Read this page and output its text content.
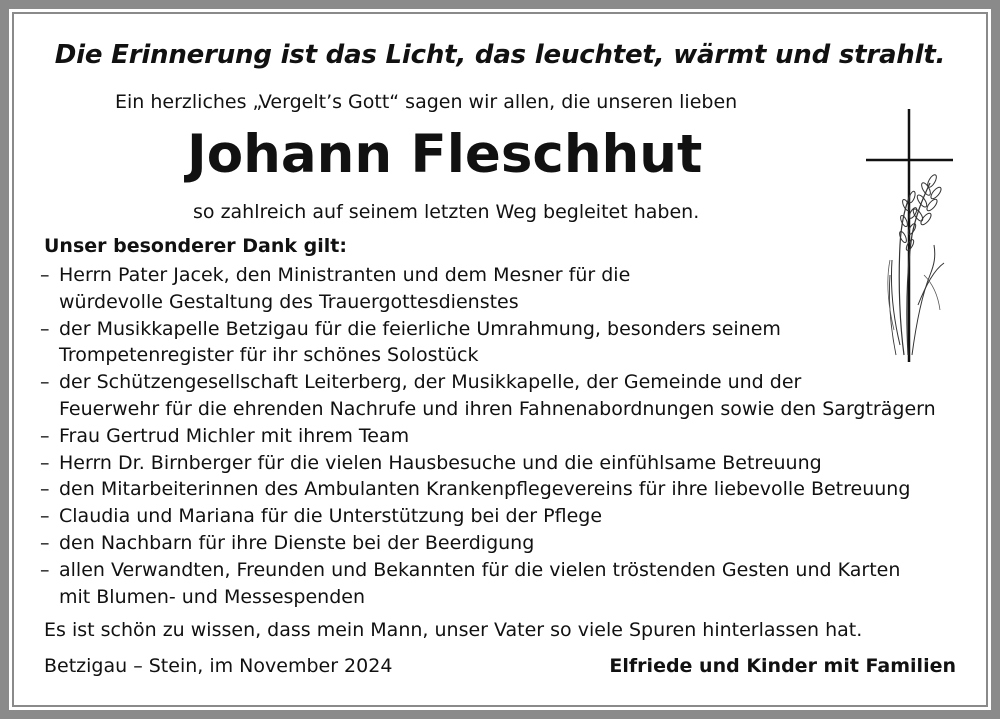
Die Erinnerung ist das Licht, das leuchtet, wärmt und strahlt.
Ein herzliches „Vergelt’s Gott“ sagen wir allen, die unseren lieben
Johann Fleschhut
so zahlreich auf seinem letzten Weg begleitet haben.
Unser besonderer Dank gilt:
– Herrn Pater Jacek, den Ministranten und dem Mesner für die
würdevolle Gestaltung des Trauergottesdienstes
– der Musikkapelle Betzigau für die feierliche Umrahmung, besonders seinem
Trompetenregister für ihr schönes Solostück
– der Schützengesellschaft Leiterberg, der Musikkapelle, der Gemeinde und der
Feuerwehr für die ehrenden Nachrufe und ihren Fahnenabordnungen sowie den Sargträgern
– Frau Gertrud Michler mit ihrem Team
– Herrn Dr. Birnberger für die vielen Hausbesuche und die einfühlsame Betreuung
– den Mitarbeiterinnen des Ambulanten Krankenpflegevereins für ihre liebevolle Betreuung
– Claudia und Mariana für die Unterstützung bei der Pflege
– den Nachbarn für ihre Dienste bei der Beerdigung
– allen Verwandten, Freunden und Bekannten für die vielen tröstenden Gesten und Karten
mit Blumen- und Messespenden
Es ist schön zu wissen, dass mein Mann, unser Vater so viele Spuren hinterlassen hat.
Betzigau – Stein, im November 2024	Elfriede und Kinder mit Familien
